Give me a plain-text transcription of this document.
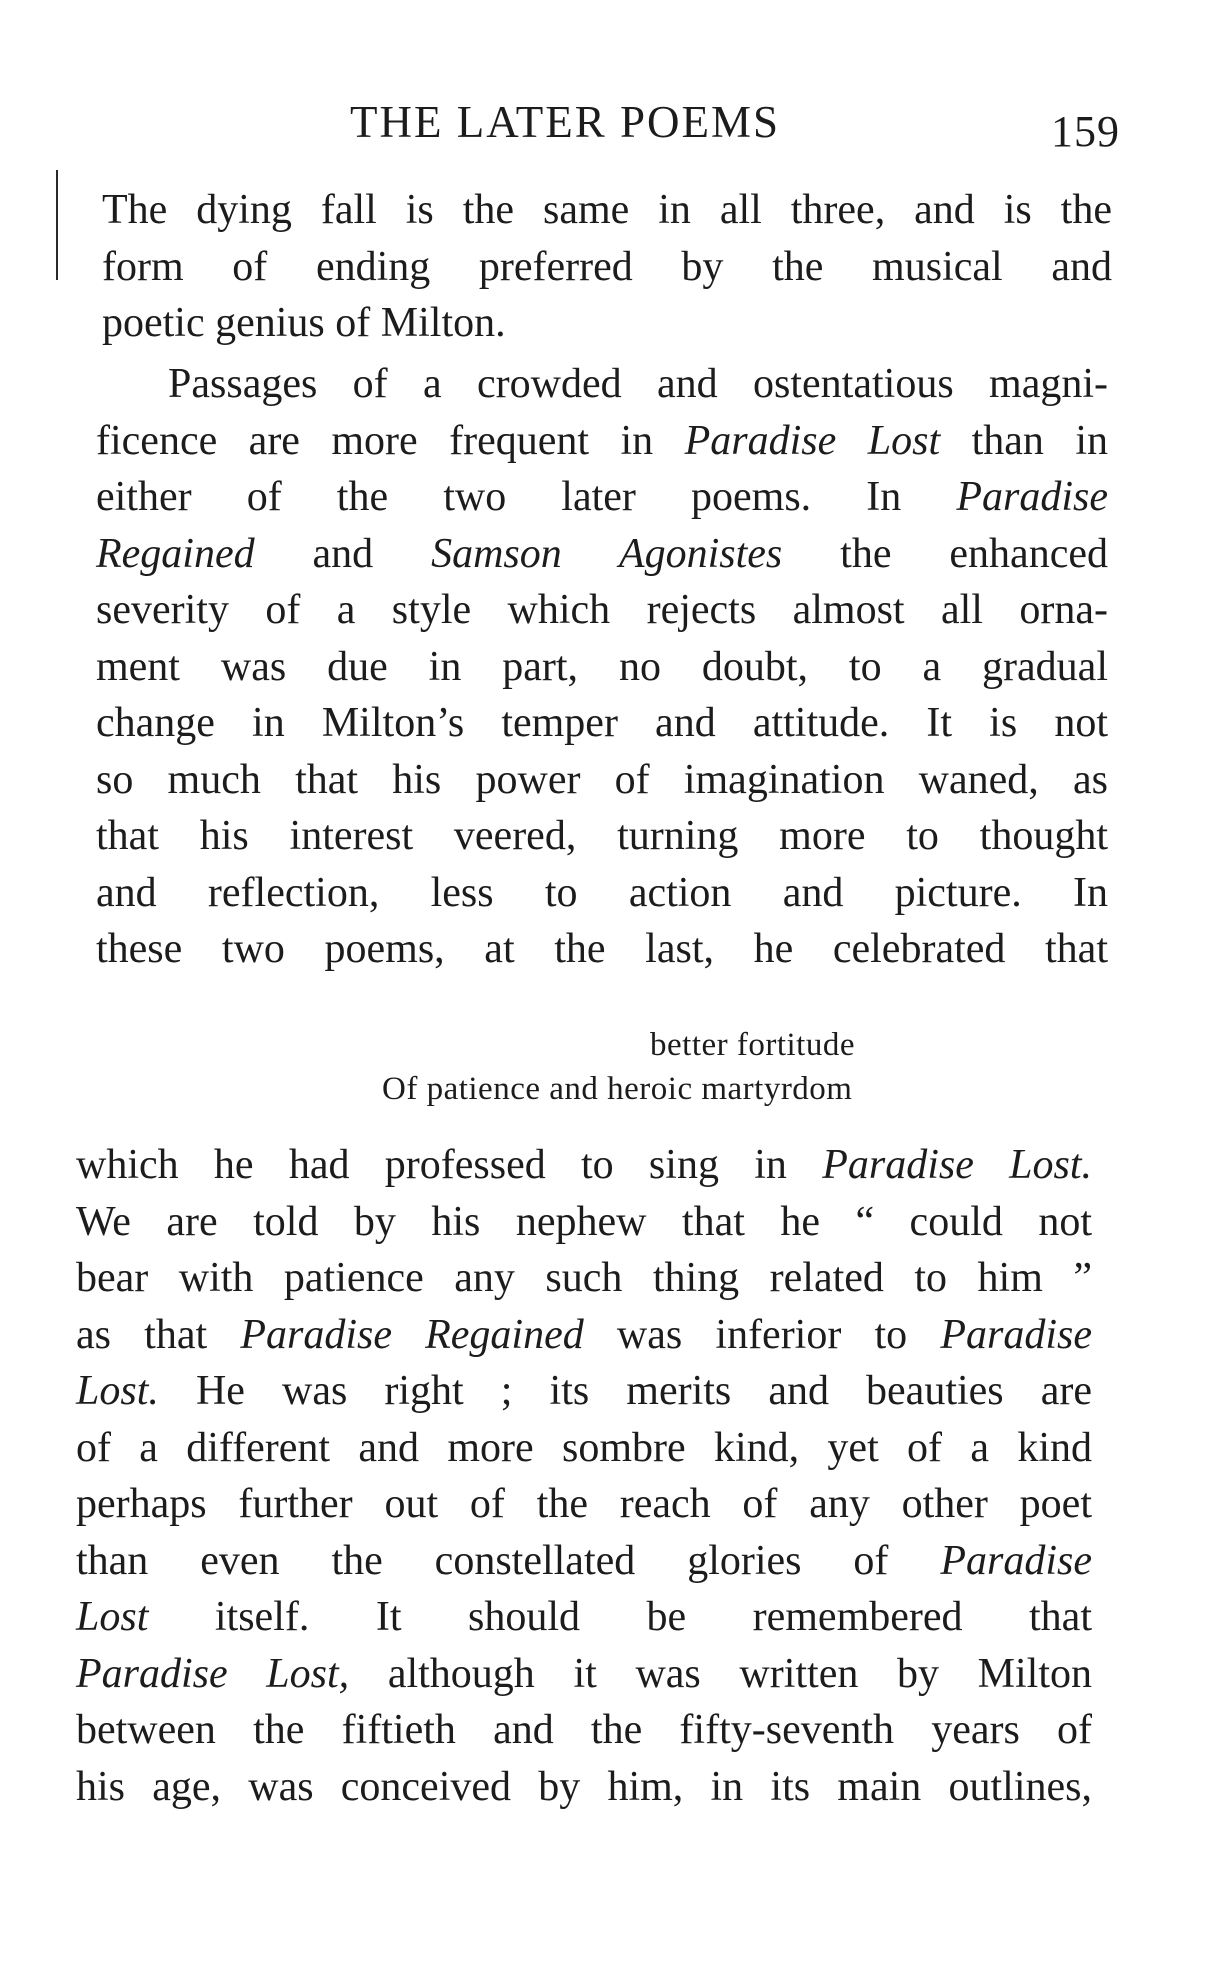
THE LATER POEMS	159
The dying fall is the same in all three, and is the
form of ending preferred by the musical and
poetic genius of Milton.
Passages of a crowded and ostentatious magni-
ficence are more frequent in Paradise Lost than in
either of the two later poems. In Paradise
Regained and Samson Agonistes the enhanced
severity of a style which rejects almost all orna-
ment was due in part, no doubt, to a gradual
change in Milton’s temper and attitude. It is not
so much that his power of imagination waned, as
that his interest veered, turning more to thought
and reflection, less to action and picture. In
these two poems, at the last, he celebrated that
better fortitude
Of patience and heroic martyrdom
which he had professed to sing in Paradise Lost.
We are told by his nephew that he “ could not
bear with patience any such thing related to him ”
as that Paradise Regained was inferior to Paradise
Lost. He was right ; its merits and beauties are
of a different and more sombre kind, yet of a kind
perhaps further out of the reach of any other poet
than even the constellated glories of Paradise
Lost itself. It should be remembered that
Paradise Lost, although it was written by Milton
between the fiftieth and the fifty-seventh years of
his age, was conceived by him, in its main outlines,
